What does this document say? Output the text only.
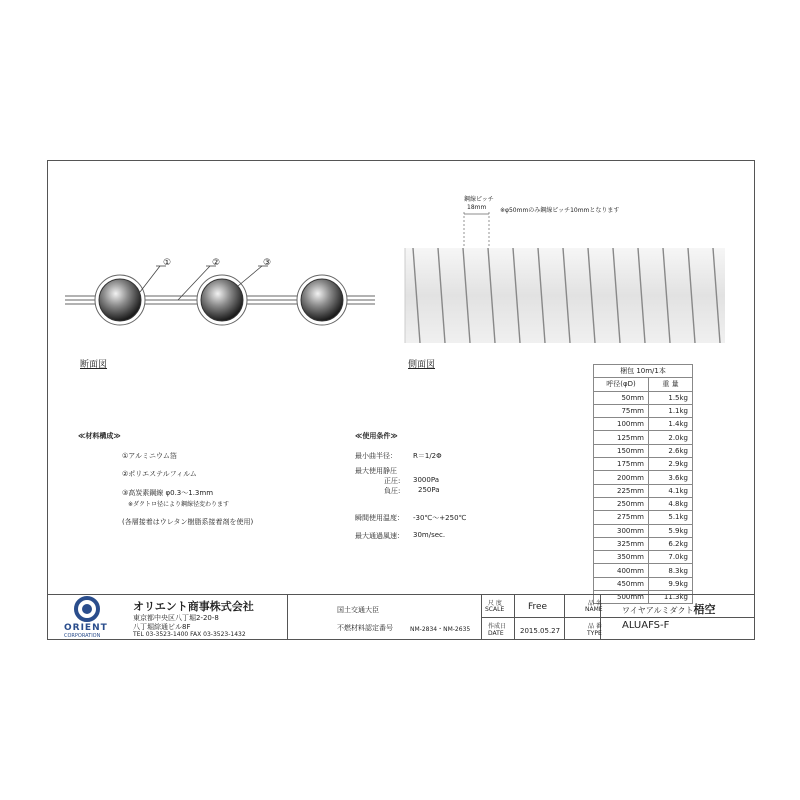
①	②	③
断面図
鋼線ピッチ
18mm ※φ50mmのみ鋼線ピッチ10mmとなります
側面図
≪材料構成≫
①アルミニウム箔
②ポリエステルフィルム
③高炭素鋼線 φ0.3～1.3mm
※ダクトロ径により鋼線径変わります
(各層接着はウレタン樹脂系接着剤を使用)
≪使用条件≫
最小曲半径： R＝1/2Φ
最大使用静圧
正圧: 3000Pa
負圧:	250Pa
瞬間使用温度： -30℃～+250℃
最大通過風速： 30m/sec.
梱包 10m/1本	
呼径(φD)	重 量
50mm	1.5kg
75mm	1.1kg
100mm	1.4kg
125mm	2.0kg
150mm	2.6kg
175mm	2.9kg
200mm	3.6kg
225mm	4.1kg
250mm	4.8kg
275mm	5.1kg
300mm	5.9kg
325mm	6.2kg
350mm	7.0kg
400mm	8.3kg
450mm	9.9kg
500mm	11.3kg
ORIENT
CORPORATION
オリエント商事株式会社
東京都中央区八丁堀2-20-8
八丁堀綜通ビル8F
TEL 03-3523-1400 FAX 03-3523-1432
国土交通大臣
不燃材料認定番号	NM-2834・NM-2635
尺 度
SCALE	Free
作成日
DATE 2015.05.27
品 名
NAME ワイヤアルミダクト梧空
品 番
TYPE
ALUAFS-F
